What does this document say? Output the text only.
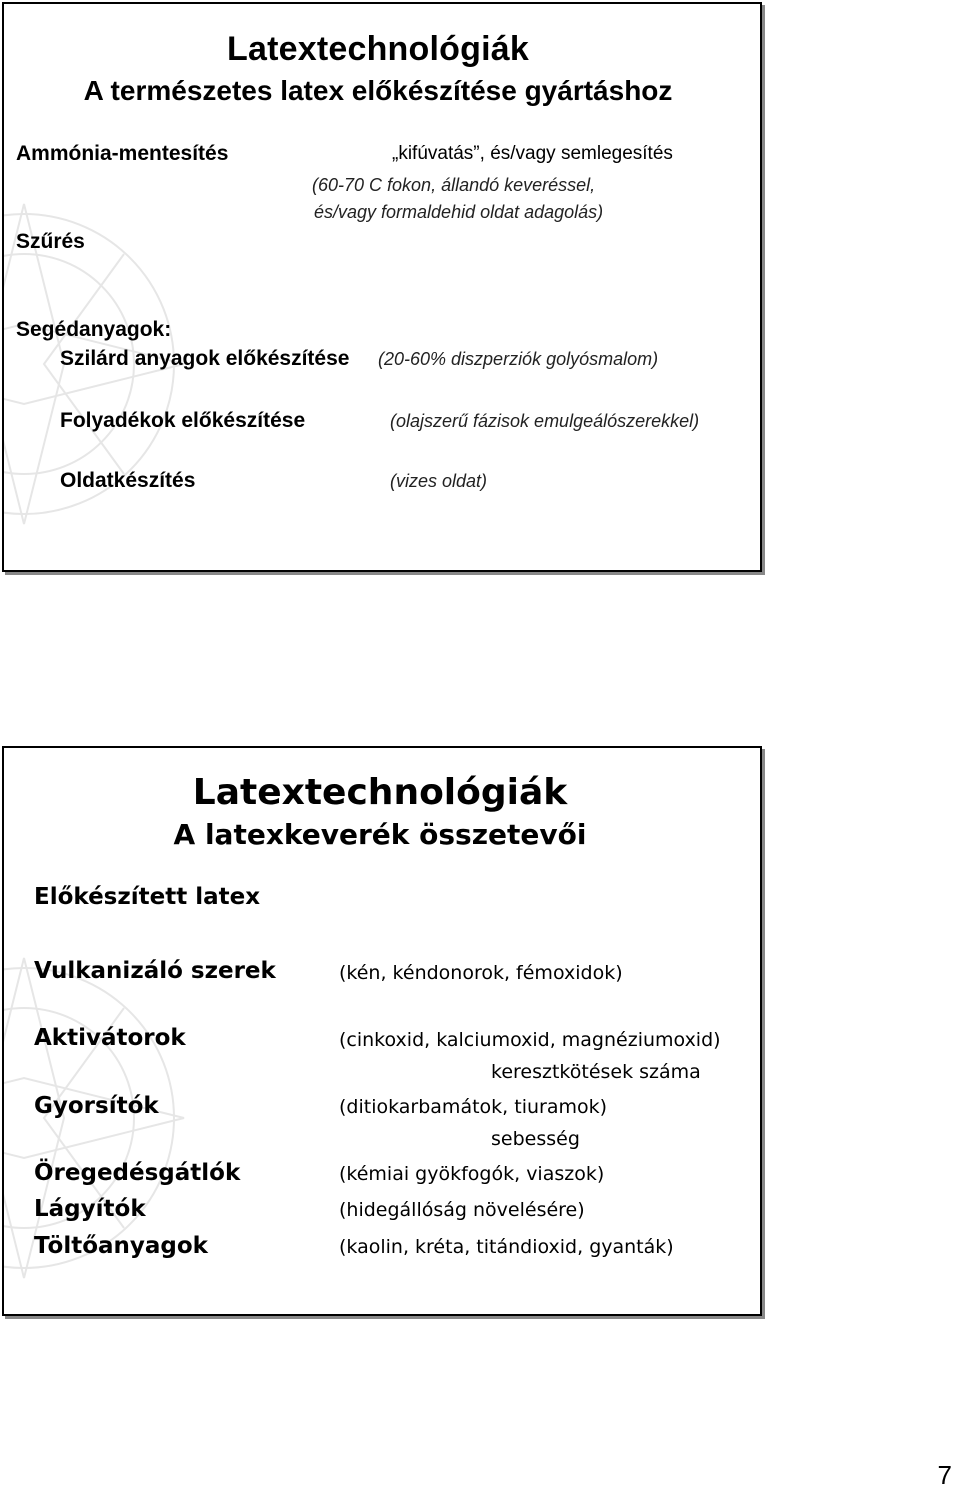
Latextechnológiák
A természetes latex előkészítése gyártáshoz
Ammónia-mentesítés	„kifúvatás”, és/vagy semlegesítés
(60-70 C fokon, állandó keveréssel,
és/vagy formaldehid oldat adagolás)
Szűrés
Segédanyagok:
Szilárd anyagok előkészítése (20-60% diszperziók golyósmalom)
Folyadékok előkészítése	(olajszerű fázisok emulgeálószerekkel)
Oldatkészítés	(vizes oldat)
Latextechnológiák
A latexkeverék összetevői
Előkészített latex
Vulkanizáló szerek	(kén, kéndonorok, fémoxidok)
Aktivátorok	(cinkoxid, kalciumoxid, magnéziumoxid)
keresztkötések száma
Gyorsítók	(ditiokarbamátok, tiuramok)
sebesség
Öregedésgátlók	(kémiai gyökfogók, viaszok)
Lágyítók	(hidegállóság növelésére)
Töltőanyagok	(kaolin, kréta, titándioxid, gyanták)
7
